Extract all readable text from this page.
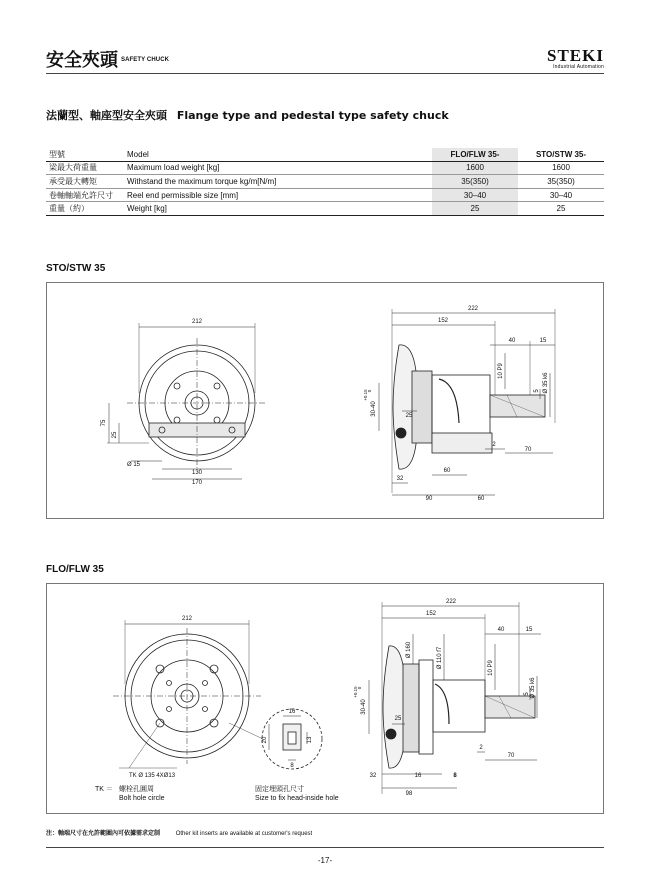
安全夾頭 SAFETY CHUCK	STEKI
Industrial Automation
法蘭型、軸座型安全夾頭 Flange type and pedestal type safety chuck
型號	Model	FLO/FLW 35-	STO/STW 35-
梁最大荷重量	Maximum load weight [kg]	1600	1600
承受最大轉矩	Withstand the maximum torque kg/m[N/m]	35(350)	35(350)
卷軸軸端允許尺寸	Reel end permissible size [mm]	30–40	30–40
重量（約）	Weight [kg]	25	25
STO/STW 35
212
75
25
Ø 15
130
170
222
152
40	15
10 P9
5 Ø 35 k6
30-40
+0.15 0
25
2
70
60
32
90	60
FLO/FLW 35
212
TK Ø 135 4XØ13
16
20	13
8
222
152
40	15
Ø 160	Ø 110 f7	10 P9
5 Ø 35 k6
30-40
+0.15 0
25
2
70
32	16	8
98
TK ＝ 螺栓孔圓周
Bolt hole circle
固定埋頭孔尺寸
Size to fix head-inside hole
注：軸端尺寸在允許範圍內可依據需求定制	Other kit inserts are available at customer's request
-17-
